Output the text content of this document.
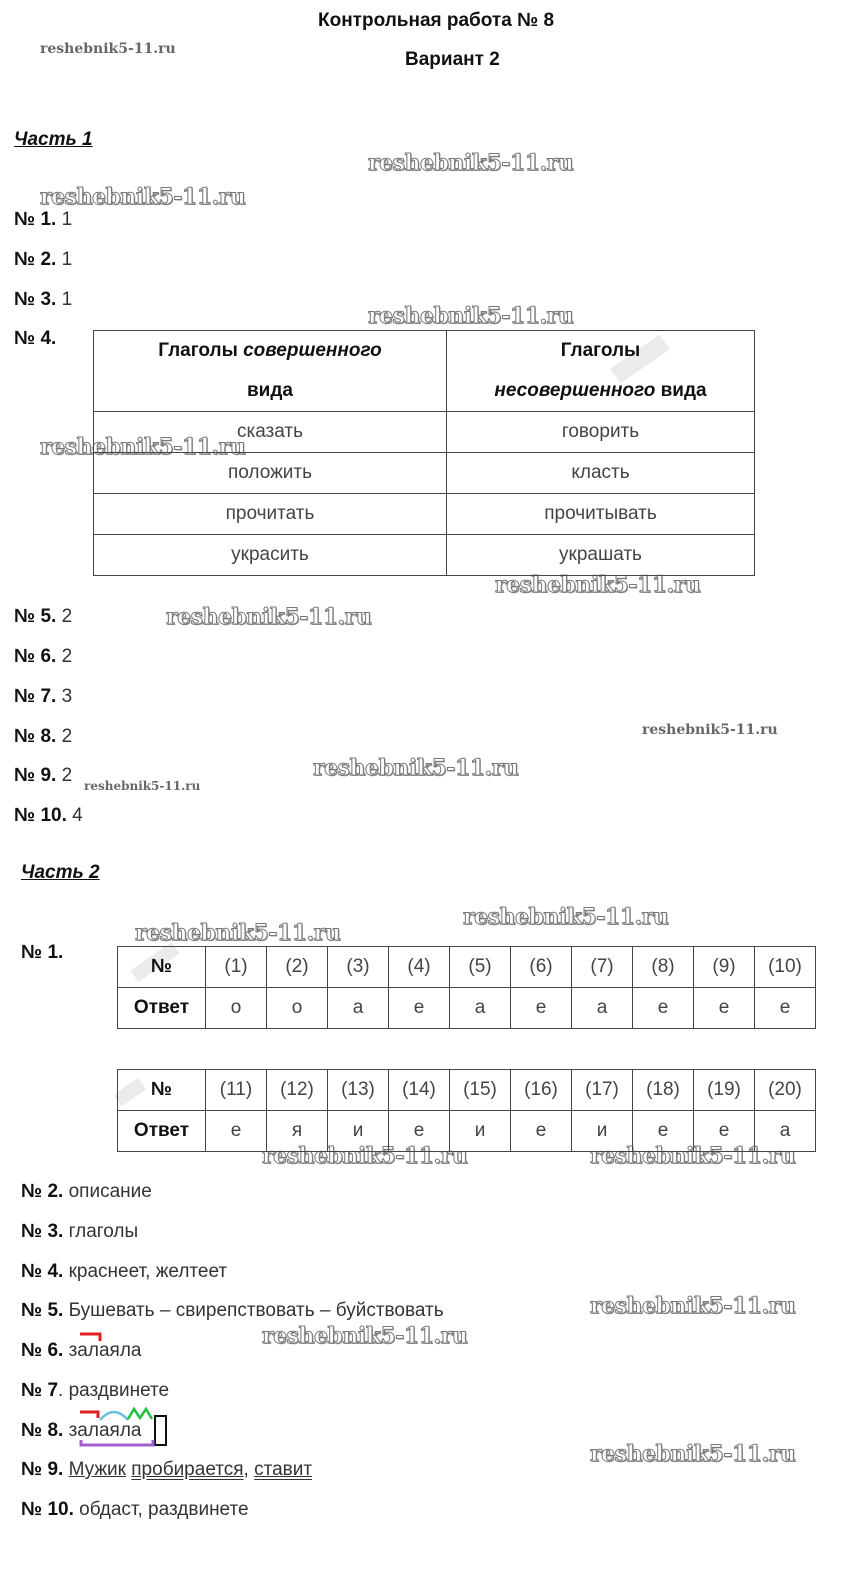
Контрольная работа № 8
Вариант 2
reshebnik5-11.ru
reshebnik5-11.ru
reshebnik5-11.ru
reshebnik5-11.ru
reshebnik5-11.ru
reshebnik5-11.ru
reshebnik5-11.ru
reshebnik5-11.ru
reshebnik5-11.ru
reshebnik5-11.ru
reshebnik5-11.ru
reshebnik5-11.ru
reshebnik5-11.ru	reshebnik5-11.ru
reshebnik5-11.ru
reshebnik5-11.ru
reshebnik5-11.ru
Часть 1
№ 1. 1
№ 2. 1
№ 3. 1
№ 4.
Глаголы совершенного
вида	Глаголы
несовершенного вида
сказать	говорить
положить	класть
прочитать	прочитывать
украсить	украшать
№ 5. 2
№ 6. 2
№ 7. 3
№ 8. 2
№ 9. 2
№ 10. 4
Часть 2
№ 1.
№	(1)	(2)	(3)	(4)	(5)	(6)	(7)	(8)	(9)	(10)
Ответ	о	о	а	е	а	е	а	е	е	е
№	(11)	(12)	(13)	(14)	(15)	(16)	(17)	(18)	(19)	(20)
Ответ	е	я	и	е	и	е	и	е	е	а
№ 2. описание
№ 3. глаголы
№ 4. краснеет, желтеет
№ 5. Бушевать – свирепствовать – буйствовать
№ 6. залаяла
№ 7. раздвинете
№ 8. залаяла
№ 9. Мужик пробирается, ставит
№ 10. обдаст, раздвинете
